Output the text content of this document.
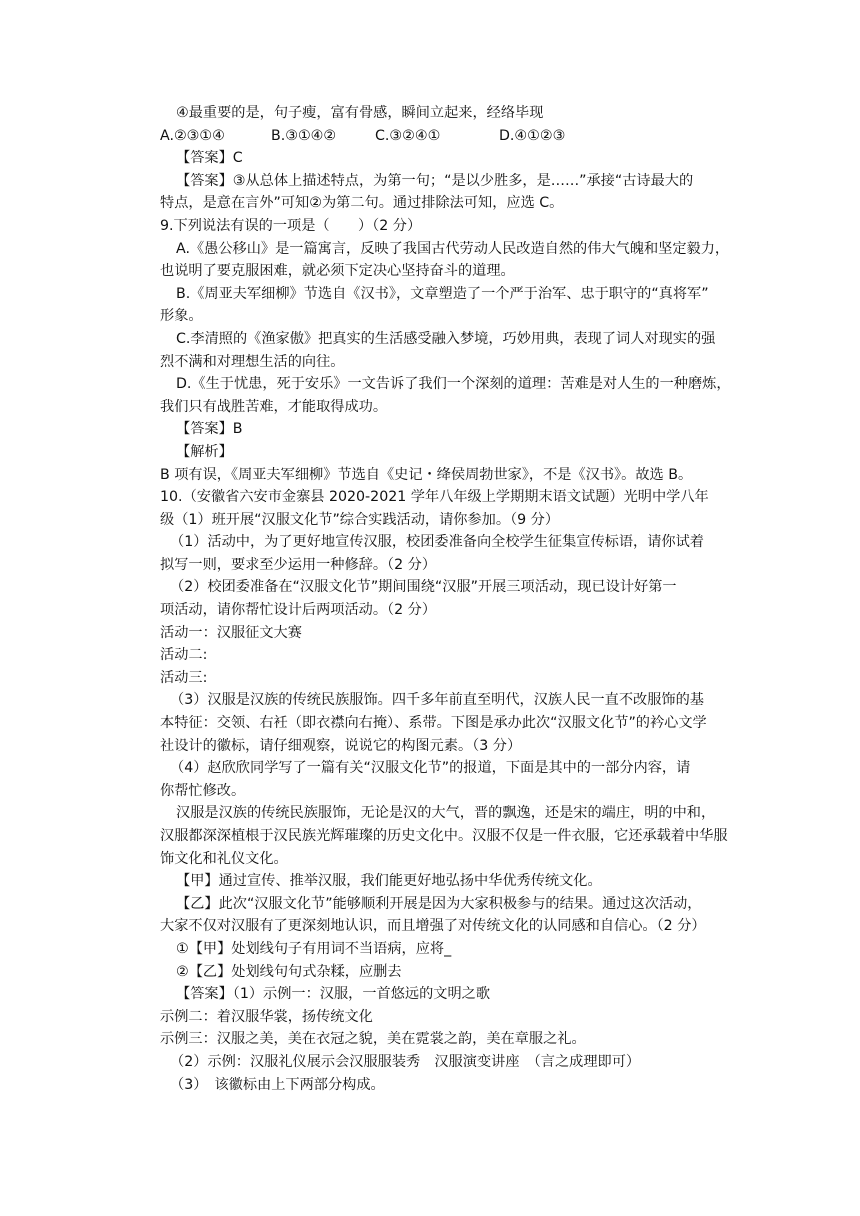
④最重要的是，句子瘦，富有骨感，瞬间立起来，经络毕现

A.②③①④	B.③①④②	C.③②④①	D.④①②③

【答案】C

【答案】③从总体上描述特点，为第一句；“是以少胜多，是……”承接“古诗最大的

特点，是意在言外”可知②为第二句。通过排除法可知，应选 C。

9.下列说法有误的一项是（　　）（2 分）

A.《愚公移山》是一篇寓言，反映了我国古代劳动人民改造自然的伟大气魄和坚定毅力，

也说明了要克服困难，就必须下定决心坚持奋斗的道理。

B.《周亚夫军细柳》节选自《汉书》，文章塑造了一个严于治军、忠于职守的“真将军”

形象。

C.李清照的《渔家傲》把真实的生活感受融入梦境，巧妙用典，表现了词人对现实的强

烈不满和对理想生活的向往。

D.《生于忧患，死于安乐》一文告诉了我们一个深刻的道理：苦难是对人生的一种磨炼，

我们只有战胜苦难，才能取得成功。

【答案】B

【解析】

B 项有误，《周亚夫军细柳》节选自《史记・绛侯周勃世家》，不是《汉书》。故选 B。

10.（安徽省六安市金寨县 2020-2021 学年八年级上学期期末语文试题）光明中学八年

级（1）班开展“汉服文化节”综合实践活动，请你参加。（9 分）

（1）活动中，为了更好地宣传汉服，校团委准备向全校学生征集宣传标语，请你试着

拟写一则，要求至少运用一种修辞。（2 分）

（2）校团委准备在“汉服文化节”期间围绕“汉服”开展三项活动，现已设计好第一

项活动，请你帮忙设计后两项活动。（2 分）

活动一：汉服征文大赛

活动二:

活动三:

（3）汉服是汉族的传统民族服饰。四千多年前直至明代，汉族人民一直不改服饰的基

本特征：交领、右衽（即衣襟向右掩）、系带。下图是承办此次“汉服文化节”的衿心文学

社设计的徽标，请仔细观察，说说它的构图元素。（3 分）

（4）赵欣欣同学写了一篇有关“汉服文化节”的报道，下面是其中的一部分内容，请

你帮忙修改。

汉服是汉族的传统民族服饰，无论是汉的大气，晋的飘逸，还是宋的端庄，明的中和，

汉服都深深植根于汉民族光辉璀璨的历史文化中。汉服不仅是一件衣服，它还承载着中华服

饰文化和礼仪文化。

【甲】通过宣传、推举汉服，我们能更好地弘扬中华优秀传统文化。

【乙】此次“汉服文化节”能够顺利开展是因为大家积极参与的结果。通过这次活动，

大家不仅对汉服有了更深刻地认识，而且增强了对传统文化的认同感和自信心。（2 分）

①【甲】处划线句子有用词不当语病，应将_

②【乙】处划线句句式杂糅，应删去

【答案】（1）示例一：汉服，一首悠远的文明之歌

示例二：着汉服华裳，扬传统文化

示例三：汉服之美，美在衣冠之貌，美在霓裳之韵，美在章服之礼。

（2）示例：汉服礼仪展示会汉服服装秀　汉服演变讲座　（言之成理即可）

（3）　该徽标由上下两部分构成。
